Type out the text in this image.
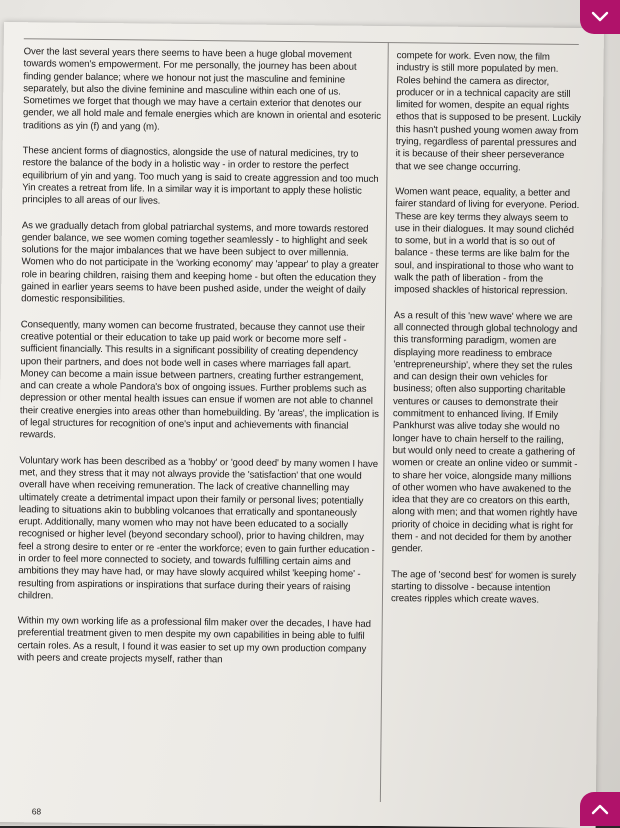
Over the last several years there seems to have been a huge global movement towards women's empowerment. For me personally, the journey has been about finding gender balance; where we honour not just the masculine and feminine separately, but also the divine feminine and masculine within each one of us. Sometimes we forget that though we may have a certain exterior that denotes our gender, we all hold male and female energies which are known in oriental and esoteric traditions as yin (f) and yang (m).

These ancient forms of diagnostics, alongside the use of natural medicines, try to restore the balance of the body in a holistic way - in order to restore the perfect equilibrium of yin and yang. Too much yang is said to create aggression and too much Yin creates a retreat from life. In a similar way it is important to apply these holistic principles to all areas of our lives.

As we gradually detach from global patriarchal systems, and more towards restored gender balance, we see women coming together seamlessly - to highlight and seek solutions for the major imbalances that we have been subject to over millennia. Women who do not participate in the 'working economy' may 'appear' to play a greater role in bearing children, raising them and keeping home - but often the education they gained in earlier years seems to have been pushed aside, under the weight of daily domestic responsibilities.

Consequently, many women can become frustrated, because they cannot use their creative potential or their education to take up paid work or become more self -sufficient financially. This results in a significant possibility of creating dependency upon their partners, and does not bode well in cases where marriages fall apart. Money can become a main issue between partners, creating further estrangement, and can create a whole Pandora's box of ongoing issues. Further problems such as depression or other mental health issues can ensue if women are not able to channel their creative energies into areas other than homebuilding. By 'areas', the implication is of legal structures for recognition of one's input and achievements with financial rewards.

Voluntary work has been described as a 'hobby' or 'good deed' by many women I have met, and they stress that it may not always provide the 'satisfaction' that one would overall have when receiving remuneration. The lack of creative channelling may ultimately create a detrimental impact upon their family or personal lives; potentially leading to situations akin to bubbling volcanoes that erratically and spontaneously erupt. Additionally, many women who may not have been educated to a socially recognised or higher level (beyond secondary school), prior to having children, may feel a strong desire to enter or re -enter the workforce; even to gain further education - in order to feel more connected to society, and towards fulfilling certain aims and ambitions they may have had, or may have slowly acquired whilst 'keeping home' - resulting from aspirations or inspirations that surface during their years of raising children.

Within my own working life as a professional film maker over the decades, I have had preferential treatment given to men despite my own capabilities in being able to fulfil certain roles. As a result, I found it was easier to set up my own production company with peers and create projects myself, rather than

compete for work. Even now, the film industry is still more populated by men. Roles behind the camera as director, producer or in a technical capacity are still limited for women, despite an equal rights ethos that is supposed to be present. Luckily this hasn't pushed young women away from trying, regardless of parental pressures and it is because of their sheer perseverance that we see change occurring.

Women want peace, equality, a better and fairer standard of living for everyone. Period. These are key terms they always seem to use in their dialogues. It may sound clichéd to some, but in a world that is so out of balance - these terms are like balm for the soul, and inspirational to those who want to walk the path of liberation - from the imposed shackles of historical repression.

As a result of this 'new wave' where we are all connected through global technology and this transforming paradigm, women are displaying more readiness to embrace 'entrepreneurship', where they set the rules and can design their own vehicles for business; often also supporting charitable ventures or causes to demonstrate their commitment to enhanced living. If Emily Pankhurst was alive today she would no longer have to chain herself to the railing, but would only need to create a gathering of women or create an online video or summit - to share her voice, alongside many millions of other women who have awakened to the idea that they are co creators on this earth, along with men; and that women rightly have priority of choice in deciding what is right for them - and not decided for them by another gender.

The age of 'second best' for women is surely starting to dissolve - because intention creates ripples which create waves.

68
